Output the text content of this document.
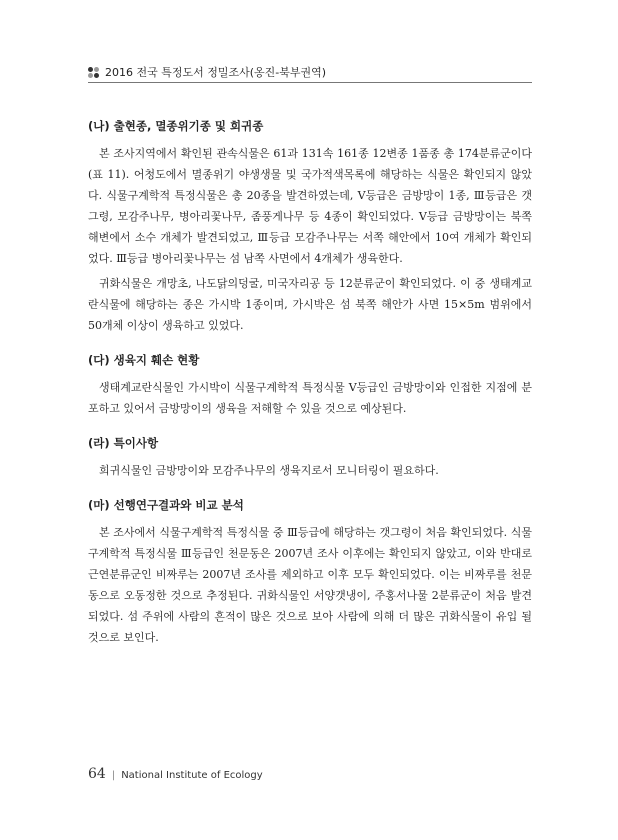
2016 전국 특정도서 정밀조사(옹진-북부권역)
(나) 출현종, 멸종위기종 및 희귀종

본 조사지역에서 확인된 관속식물은 61과 131속 161종 12변종 1품종 총 174분류군이다(표 11). 어청도에서 멸종위기 야생생물 및 국가적색목록에 해당하는 식물은 확인되지 않았다. 식물구계학적 특정식물은 총 20종을 발견하였는데, V등급은 금방망이 1종, Ⅲ등급은 갯그령, 모감주나무, 병아리꽃나무, 좀풍게나무 등 4종이 확인되었다. V등급 금방망이는 북쪽 해변에서 소수 개체가 발견되었고, Ⅲ등급 모감주나무는 서쪽 해안에서 10여 개체가 확인되었다. Ⅲ등급 병아리꽃나무는 섬 남쪽 사면에서 4개체가 생육한다.

귀화식물은 개망초, 나도닭의덩굴, 미국자리공 등 12분류군이 확인되었다. 이 중 생태계교란식물에 해당하는 종은 가시박 1종이며, 가시박은 섬 북쪽 해안가 사면 15×5m 범위에서 50개체 이상이 생육하고 있었다.

(다) 생육지 훼손 현황

생태계교란식물인 가시박이 식물구계학적 특정식물 V등급인 금방망이와 인접한 지점에 분포하고 있어서 금방망이의 생육을 저해할 수 있을 것으로 예상된다.

(라) 특이사항

희귀식물인 금방망이와 모감주나무의 생육지로서 모니터링이 필요하다.

(마) 선행연구결과와 비교 분석

본 조사에서 식물구계학적 특정식물 중 Ⅲ등급에 해당하는 갯그령이 처음 확인되었다. 식물구계학적 특정식물 Ⅲ등급인 천문동은 2007년 조사 이후에는 확인되지 않았고, 이와 반대로 근연분류군인 비짜루는 2007년 조사를 제외하고 이후 모두 확인되었다. 이는 비짜루를 천문동으로 오동정한 것으로 추정된다. 귀화식물인 서양갯냉이, 주홍서나물 2분류군이 처음 발견되었다. 섬 주위에 사람의 흔적이 많은 것으로 보아 사람에 의해 더 많은 귀화식물이 유입 될 것으로 보인다.

64 | National Institute of Ecology
